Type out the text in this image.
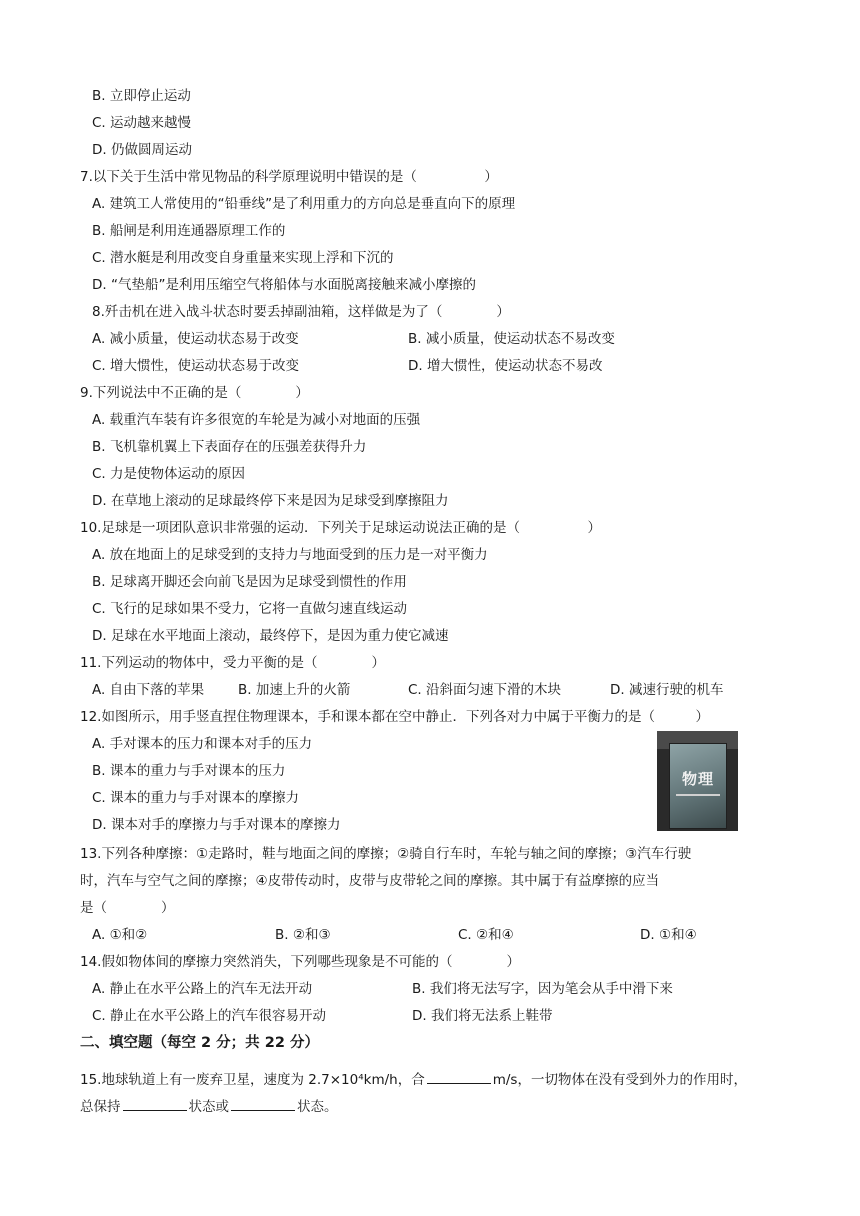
B. 立即停止运动
C. 运动越来越慢
D. 仍做圆周运动
7.以下关于生活中常见物品的科学原理说明中错误的是（　　　　　）
A. 建筑工人常使用的“铅垂线”是了利用重力的方向总是垂直向下的原理
B. 船闸是利用连通器原理工作的
C. 潜水艇是利用改变自身重量来实现上浮和下沉的
D. “气垫船”是利用压缩空气将船体与水面脱离接触来减小摩擦的
8.歼击机在进入战斗状态时要丢掉副油箱，这样做是为了（　　　　）
A. 减小质量，使运动状态易于改变	B. 减小质量，使运动状态不易改变
C. 增大惯性，使运动状态易于改变	D. 增大惯性，使运动状态不易改
9.下列说法中不正确的是（　　　　）
A. 载重汽车装有许多很宽的车轮是为减小对地面的压强
B. 飞机靠机翼上下表面存在的压强差获得升力
C. 力是使物体运动的原因
D. 在草地上滚动的足球最终停下来是因为足球受到摩擦阻力
10.足球是一项团队意识非常强的运动．下列关于足球运动说法正确的是（　　　　　）
A. 放在地面上的足球受到的支持力与地面受到的压力是一对平衡力
B. 足球离开脚还会向前飞是因为足球受到惯性的作用
C. 飞行的足球如果不受力，它将一直做匀速直线运动
D. 足球在水平地面上滚动，最终停下，是因为重力使它减速
11.下列运动的物体中，受力平衡的是（　　　　）
A. 自由下落的苹果	B. 加速上升的火箭	C. 沿斜面匀速下滑的木块	D. 减速行驶的机车
12.如图所示，用手竖直捏住物理课本，手和课本都在空中静止．下列各对力中属于平衡力的是（　　　）
A. 手对课本的压力和课本对手的压力
B. 课本的重力与手对课本的压力
C. 课本的重力与手对课本的摩擦力
D. 课本对手的摩擦力与手对课本的摩擦力
物理
13.下列各种摩擦：①走路时，鞋与地面之间的摩擦；②骑自行车时，车轮与轴之间的摩擦；③汽车行驶
时，汽车与空气之间的摩擦；④皮带传动时，皮带与皮带轮之间的摩擦。其中属于有益摩擦的应当
是（　　　　）
A. ①和②	B. ②和③	C. ②和④	D. ①和④
14.假如物体间的摩擦力突然消失，下列哪些现象是不可能的（　　　　）
A. 静止在水平公路上的汽车无法开动	B. 我们将无法写字，因为笔会从手中滑下来
C. 静止在水平公路上的汽车很容易开动	D. 我们将无法系上鞋带
二、填空题（每空 2 分；共 22 分）
15.地球轨道上有一废弃卫星，速度为 2.7×10⁴km/h，合	m/s，一切物体在没有受到外力的作用时，
总保持	状态或	状态。
